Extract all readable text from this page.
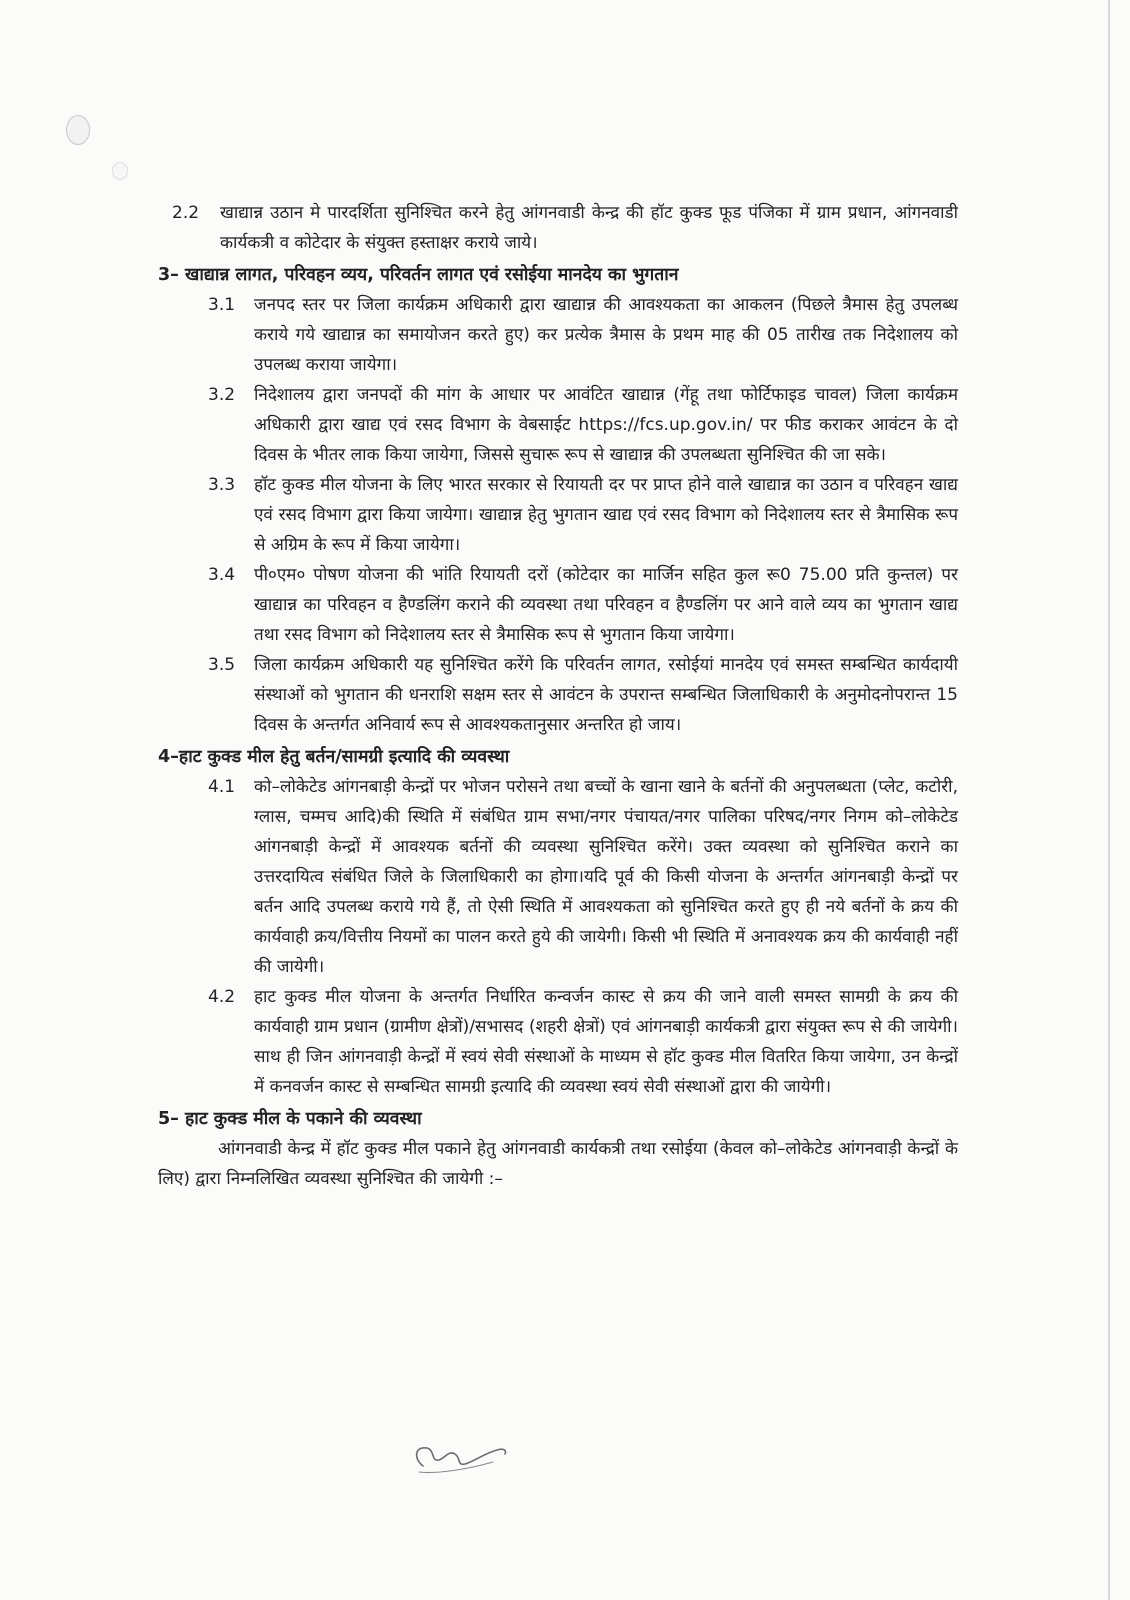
2.2	खाद्यान्न उठान मे पारदर्शिता सुनिश्चित करने हेतु आंगनवाडी केन्द्र की हॉट कुक्ड फूड पंजिका में ग्राम प्रधान, आंगनवाडी कार्यकत्री व कोटेदार के संयुक्त हस्ताक्षर कराये जाये।
3– खाद्यान्न लागत, परिवहन व्यय, परिवर्तन लागत एवं रसोईया मानदेय का भुगतान
3.1	जनपद स्तर पर जिला कार्यक्रम अधिकारी द्वारा खाद्यान्न की आवश्यकता का आकलन (पिछले त्रैमास हेतु उपलब्ध कराये गये खाद्यान्न का समायोजन करते हुए) कर प्रत्येक त्रैमास के प्रथम माह की 05 तारीख तक निदेशालय को उपलब्ध कराया जायेगा।
3.2	निदेशालय द्वारा जनपदों की मांग के आधार पर आवंटित खाद्यान्न (गेंहू तथा फोर्टिफाइड चावल) जिला कार्यक्रम अधिकारी द्वारा खाद्य एवं रसद विभाग के वेबसाईट https://fcs.up.gov.in/ पर फीड कराकर आवंटन के दो दिवस के भीतर लाक किया जायेगा, जिससे सुचारू रूप से खाद्यान्न की उपलब्धता सुनिश्चित की जा सके।
3.3	हॉट कुक्ड मील योजना के लिए भारत सरकार से रियायती दर पर प्राप्त होने वाले खाद्यान्न का उठान व परिवहन खाद्य एवं रसद विभाग द्वारा किया जायेगा। खाद्यान्न हेतु भुगतान खाद्य एवं रसद विभाग को निदेशालय स्तर से त्रैमासिक रूप से अग्रिम के रूप में किया जायेगा।
3.4	पी०एम० पोषण योजना की भांति रियायती दरों (कोटेदार का मार्जिन सहित कुल रू0 75.00 प्रति कुन्तल) पर खाद्यान्न का परिवहन व हैण्डलिंग कराने की व्यवस्था तथा परिवहन व हैण्डलिंग पर आने वाले व्यय का भुगतान खाद्य तथा रसद विभाग को निदेशालय स्तर से त्रैमासिक रूप से भुगतान किया जायेगा।
3.5	जिला कार्यक्रम अधिकारी यह सुनिश्चित करेंगे कि परिवर्तन लागत, रसोईयां मानदेय एवं समस्त सम्बन्धित कार्यदायी संस्थाओं को भुगतान की धनराशि सक्षम स्तर से आवंटन के उपरान्त सम्बन्धित जिलाधिकारी के अनुमोदनोपरान्त 15 दिवस के अन्तर्गत अनिवार्य रूप से आवश्यकतानुसार अन्तरित हो जाय।
4–हाट कुक्ड मील हेतु बर्तन/सामग्री इत्यादि की व्यवस्था
4.1	को–लोकेटेड आंगनबाड़ी केन्द्रों पर भोजन परोसने तथा बच्चों के खाना खाने के बर्तनों की अनुपलब्धता (प्लेट, कटोरी, ग्लास, चम्मच आदि)की स्थिति में संबंधित ग्राम सभा/नगर पंचायत/नगर पालिका परिषद/नगर निगम को–लोकेटेड आंगनबाड़ी केन्द्रों में आवश्यक बर्तनों की व्यवस्था सुनिश्चित करेंगे। उक्त व्यवस्था को सुनिश्चित कराने का उत्तरदायित्व संबंधित जिले के जिलाधिकारी का होगा।यदि पूर्व की किसी योजना के अन्तर्गत आंगनबाड़ी केन्द्रों पर बर्तन आदि उपलब्ध कराये गये हैं, तो ऐसी स्थिति में आवश्यकता को सुनिश्चित करते हुए ही नये बर्तनों के क्रय की कार्यवाही क्रय/वित्तीय नियमों का पालन करते हुये की जायेगी। किसी भी स्थिति में अनावश्यक क्रय की कार्यवाही नहीं की जायेगी।
4.2	हाट कुक्ड मील योजना के अन्तर्गत निर्धारित कन्वर्जन कास्ट से क्रय की जाने वाली समस्त सामग्री के क्रय की कार्यवाही ग्राम प्रधान (ग्रामीण क्षेत्रों)/सभासद (शहरी क्षेत्रों) एवं आंगनबाड़ी कार्यकत्री द्वारा संयुक्त रूप से की जायेगी। साथ ही जिन आंगनवाड़ी केन्द्रों में स्वयं सेवी संस्थाओं के माध्यम से हॉट कुक्ड मील वितरित किया जायेगा, उन केन्द्रों में कनवर्जन कास्ट से सम्बन्धित सामग्री इत्यादि की व्यवस्था स्वयं सेवी संस्थाओं द्वारा की जायेगी।
5– हाट कुक्ड मील के पकाने की व्यवस्था

आंगनवाडी केन्द्र में हॉट कुक्ड मील पकाने हेतु आंगनवाडी कार्यकत्री तथा रसोईया (केवल को–लोकेटेड आंगनवाड़ी केन्द्रों के लिए) द्वारा निम्नलिखित व्यवस्था सुनिश्चित की जायेगी :–
